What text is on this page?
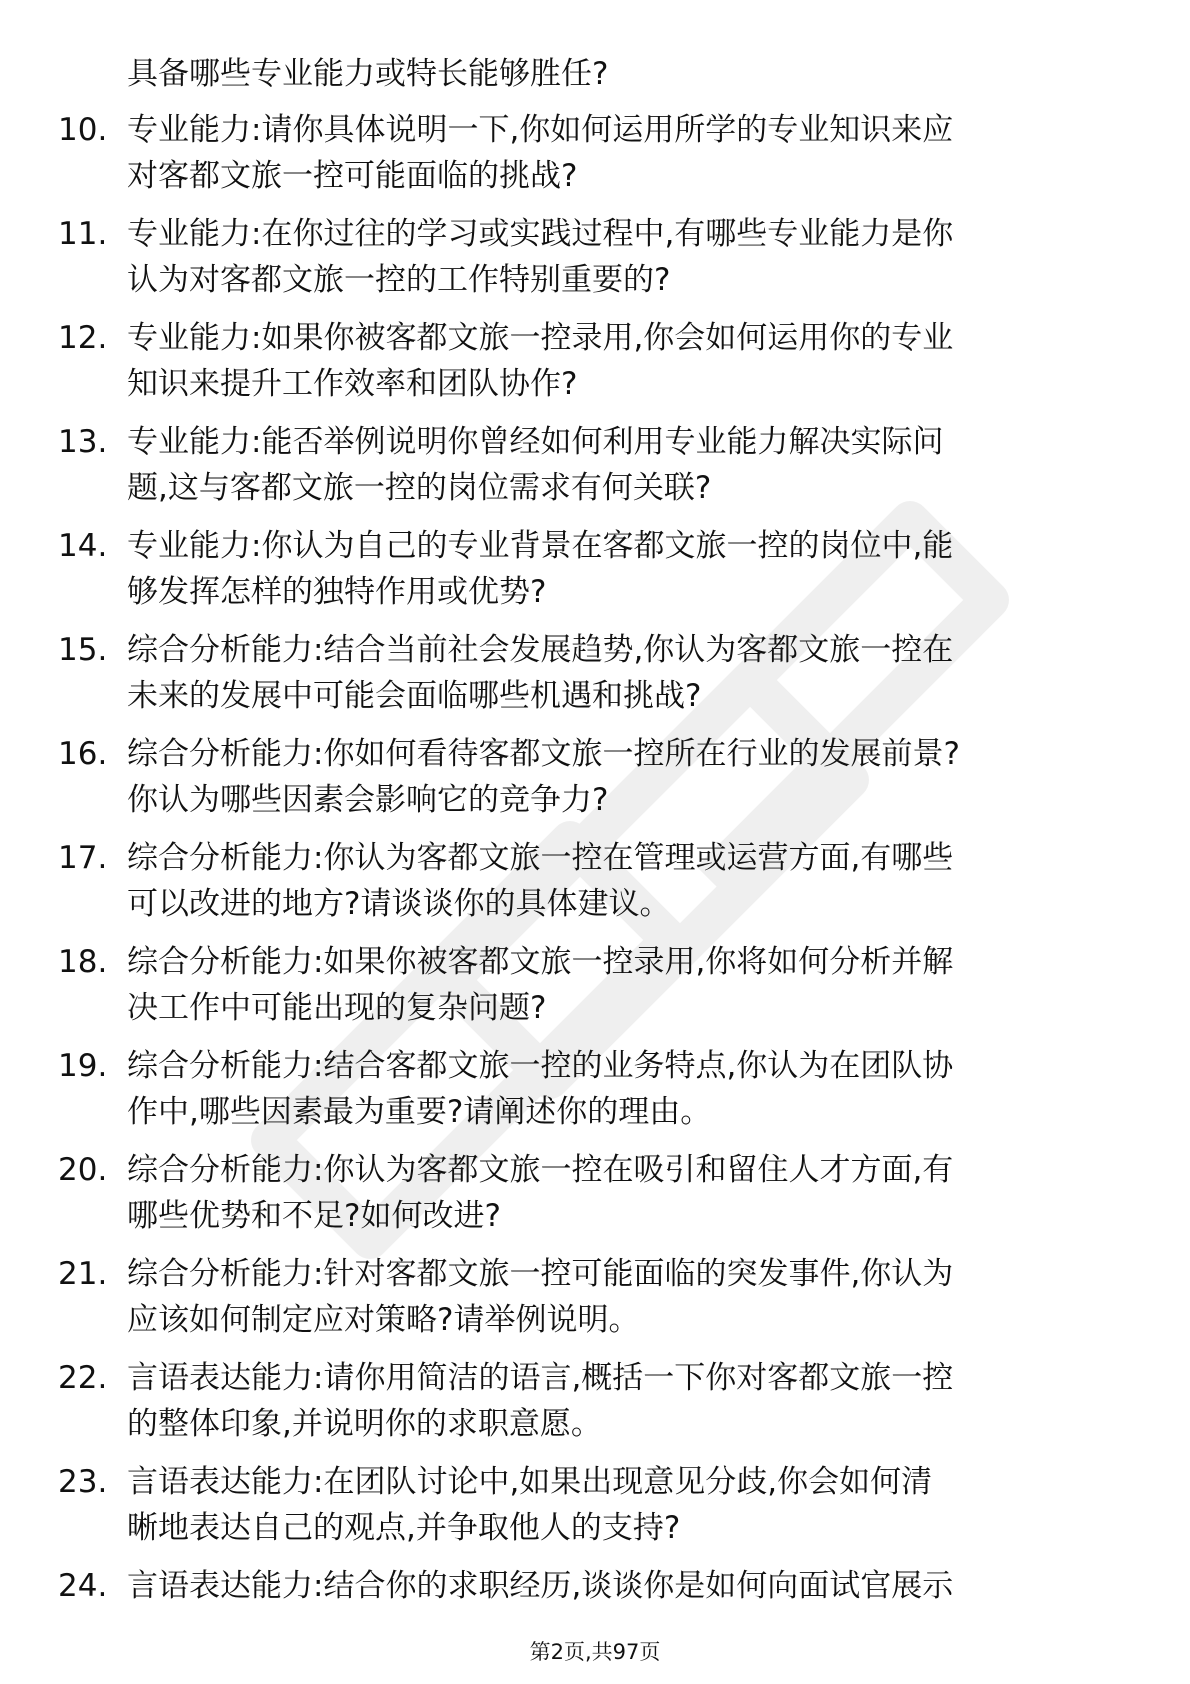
具备哪些专业能力或特长能够胜任?
10. 专业能力:请你具体说明一下,你如何运用所学的专业知识来应
对客都文旅一控可能面临的挑战?
11. 专业能力:在你过往的学习或实践过程中,有哪些专业能力是你
认为对客都文旅一控的工作特别重要的?
12. 专业能力:如果你被客都文旅一控录用,你会如何运用你的专业
知识来提升工作效率和团队协作?
13. 专业能力:能否举例说明你曾经如何利用专业能力解决实际问
题,这与客都文旅一控的岗位需求有何关联?
14. 专业能力:你认为自己的专业背景在客都文旅一控的岗位中,能
够发挥怎样的独特作用或优势?
15. 综合分析能力:结合当前社会发展趋势,你认为客都文旅一控在
未来的发展中可能会面临哪些机遇和挑战?
16. 综合分析能力:你如何看待客都文旅一控所在行业的发展前景?
你认为哪些因素会影响它的竞争力?
17. 综合分析能力:你认为客都文旅一控在管理或运营方面,有哪些
可以改进的地方?请谈谈你的具体建议。
18. 综合分析能力:如果你被客都文旅一控录用,你将如何分析并解
决工作中可能出现的复杂问题?
19. 综合分析能力:结合客都文旅一控的业务特点,你认为在团队协
作中,哪些因素最为重要?请阐述你的理由。
20. 综合分析能力:你认为客都文旅一控在吸引和留住人才方面,有
哪些优势和不足?如何改进?
21. 综合分析能力:针对客都文旅一控可能面临的突发事件,你认为
应该如何制定应对策略?请举例说明。
22. 言语表达能力:请你用简洁的语言,概括一下你对客都文旅一控
的整体印象,并说明你的求职意愿。
23. 言语表达能力:在团队讨论中,如果出现意见分歧,你会如何清
晰地表达自己的观点,并争取他人的支持?
24. 言语表达能力:结合你的求职经历,谈谈你是如何向面试官展示
第2页,共97页
